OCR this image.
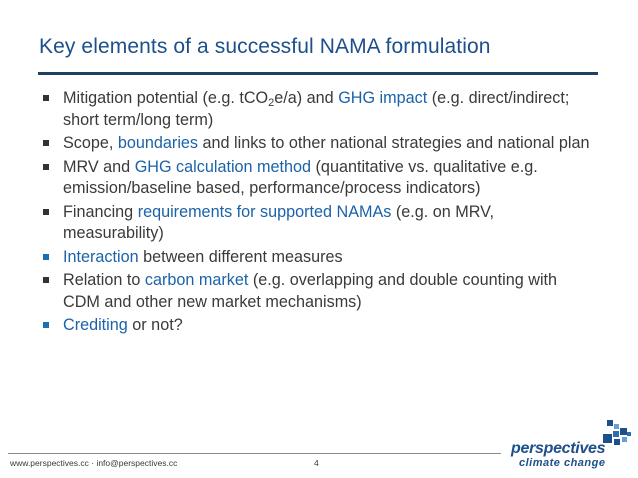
Key elements of a successful NAMA formulation
Mitigation potential (e.g. tCO$_2$e/a) and GHG impact (e.g. direct/indirect; short term/long term)
Scope, boundaries and links to other national strategies and national plan
MRV and GHG calculation method (quantitative vs. qualitative e.g. emission/baseline based, performance/process indicators)
Financing requirements for supported NAMAs (e.g. on MRV, measurability)
Interaction between different measures
Relation to carbon market (e.g. overlapping and double counting with CDM and other new market mechanisms)
Crediting or not?
www.perspectives.cc · info@perspectives.cc	4
perspectives
climate change
